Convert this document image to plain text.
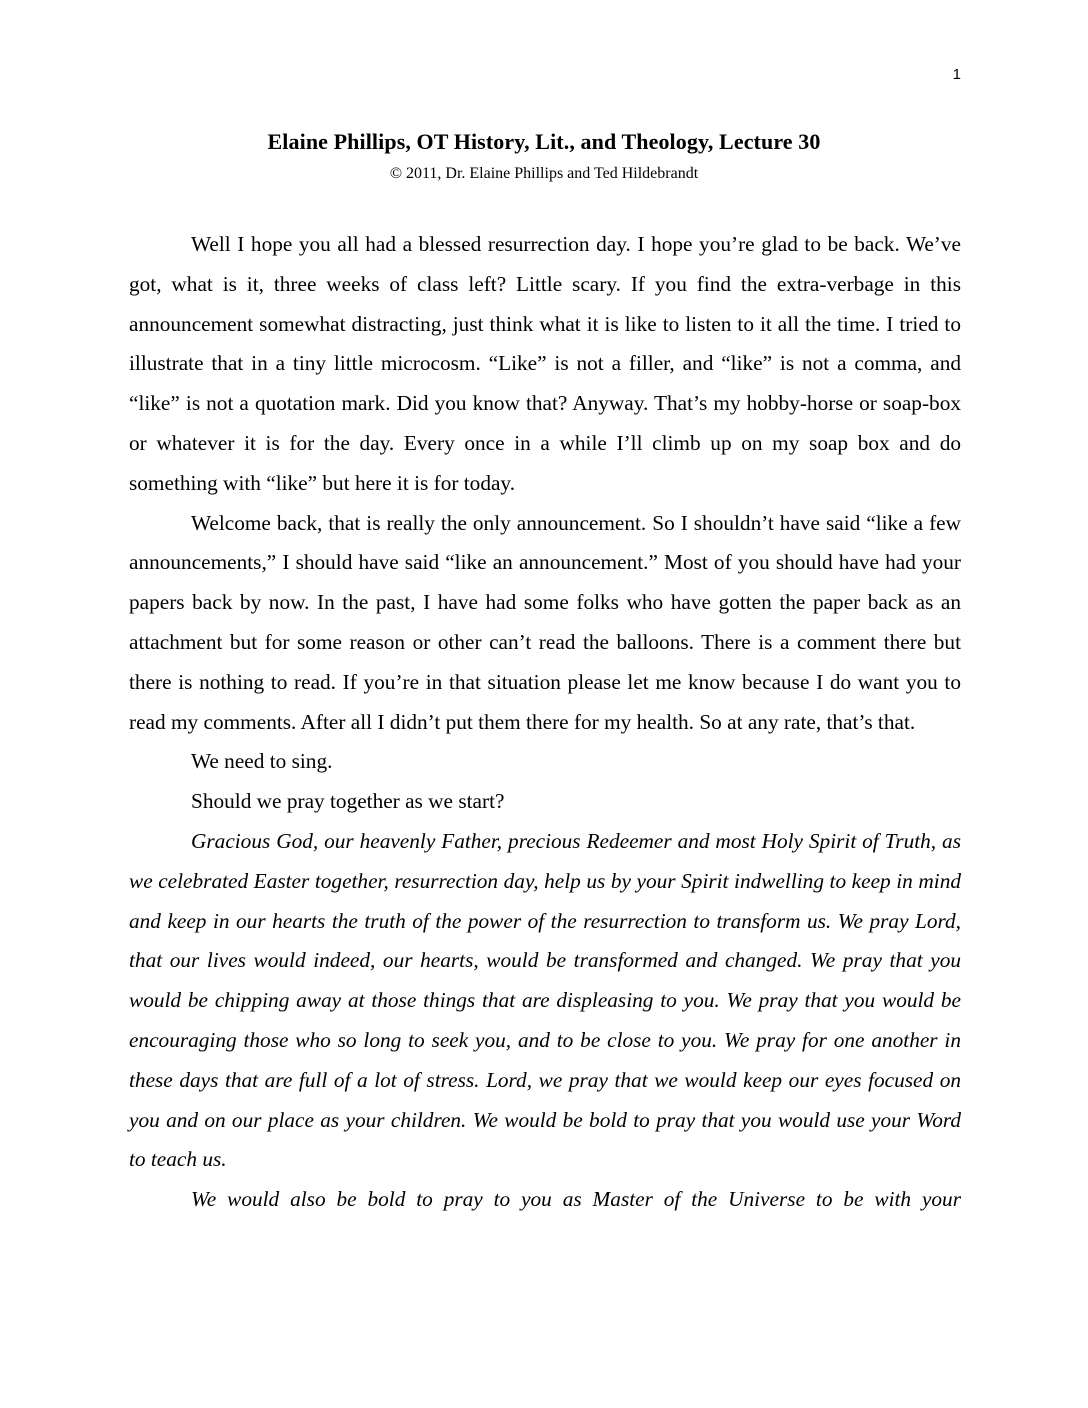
1
Elaine Phillips, OT History, Lit., and Theology, Lecture 30
© 2011, Dr. Elaine Phillips and Ted Hildebrandt

Well I hope you all had a blessed resurrection day. I hope you’re glad to be back. We’ve got, what is it, three weeks of class left? Little scary. If you find the extra-verbage in this announcement somewhat distracting, just think what it is like to listen to it all the time. I tried to illustrate that in a tiny little microcosm. “Like” is not a filler, and “like” is not a comma, and “like” is not a quotation mark. Did you know that? Anyway. That’s my hobby-horse or soap-box or whatever it is for the day. Every once in a while I’ll climb up on my soap box and do something with “like” but here it is for today.

Welcome back, that is really the only announcement. So I shouldn’t have said “like a few announcements,” I should have said “like an announcement.” Most of you should have had your papers back by now. In the past, I have had some folks who have gotten the paper back as an attachment but for some reason or other can’t read the balloons. There is a comment there but there is nothing to read. If you’re in that situation please let me know because I do want you to read my comments. After all I didn’t put them there for my health. So at any rate, that’s that.

We need to sing.

Should we pray together as we start?

Gracious God, our heavenly Father, precious Redeemer and most Holy Spirit of Truth, as we celebrated Easter together, resurrection day, help us by your Spirit indwelling to keep in mind and keep in our hearts the truth of the power of the resurrection to transform us. We pray Lord, that our lives would indeed, our hearts, would be transformed and changed. We pray that you would be chipping away at those things that are displeasing to you. We pray that you would be encouraging those who so long to seek you, and to be close to you. We pray for one another in these days that are full of a lot of stress. Lord, we pray that we would keep our eyes focused on you and on our place as your children. We would be bold to pray that you would use your Word to teach us.

We would also be bold to pray to you as Master of the Universe to be with your
